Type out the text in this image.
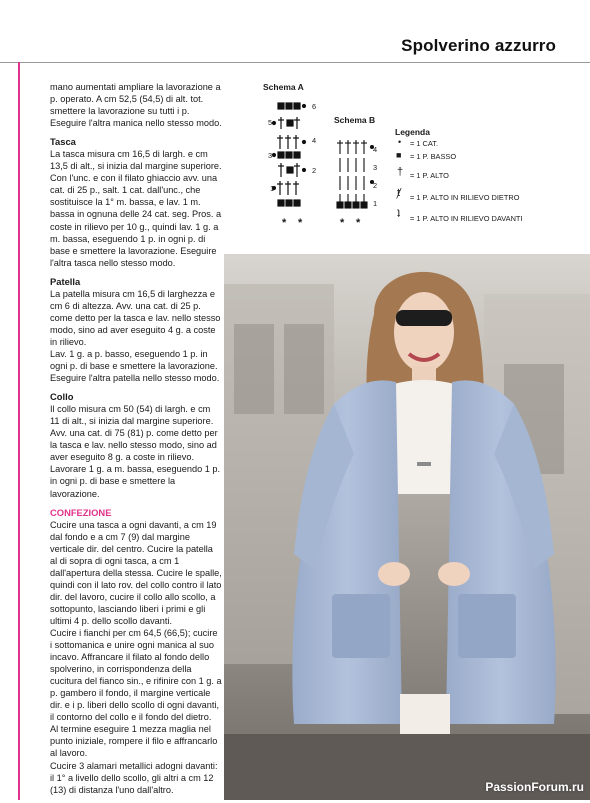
Spolverino azzurro

mano aumentati ampliare la lavorazione a p. operato. A cm 52,5 (54,5) di alt. tot. smettere la lavorazione su tutti i p. Eseguire l'altra manica nello stesso modo.

Tasca

La tasca misura cm 16,5 di largh. e cm 13,5 di alt., si inizia dal margine superiore. Con l'unc. e con il filato ghiaccio avv. una cat. di 25 p., salt. 1 cat. dall'unc., che sostituisce la 1° m. bassa, e lav. 1 m. bassa in ognuna delle 24 cat. seg. Pros. a coste in rilievo per 10 g., quindi lav. 1 g. a m. bassa, eseguendo 1 p. in ogni p. di base e smettere la lavorazione. Eseguire l'altra tasca nello stesso modo.

Patella

La patella misura cm 16,5 di larghezza e cm 6 di altezza. Avv. una cat. di 25 p. come detto per la tasca e lav. nello stesso modo, sino ad aver eseguito 4 g. a coste in rilievo.

Lav. 1 g. a p. basso, eseguendo 1 p. in ogni p. di base e smettere la lavorazione. Eseguire l'altra patella nello stesso modo.

Collo

Il collo misura cm 50 (54) di largh. e cm 11 di alt., si inizia dal margine superiore. Avv. una cat. di 75 (81) p. come detto per la tasca e lav. nello stesso modo, sino ad aver eseguito 8 g. a coste in rilievo.

Lavorare 1 g. a m. bassa, eseguendo 1 p. in ogni p. di base e smettere la lavorazione.

CONFEZIONE

Cucire una tasca a ogni davanti, a cm 19 dal fondo e a cm 7 (9) dal margine verticale dir. del centro. Cucire la patella al di sopra di ogni tasca, a cm 1 dall'apertura della stessa. Cucire le spalle, quindi con il lato rov. del collo contro il lato dir. del lavoro, cucire il collo allo scollo, a sottopunto, lasciando liberi i primi e gli ultimi 4 p. dello scollo davanti.

Cucire i fianchi per cm 64,5 (66,5); cucire i sottomanica e unire ogni manica al suo incavo. Affrancare il filato al fondo dello spolverino, in corrispondenza della cucitura del fianco sin., e rifinire con 1 g. a p. gambero il fondo, il margine verticale dir. e i p. liberi dello scollo di ogni davanti, il contorno del collo e il fondo del dietro.

Al termine eseguire 1 mezza maglia nel punto iniziale, rompere il filo e affrancarlo al lavoro.

Cucire 3 alamari metallici adogni davanti: il 1° a livello dello scollo, gli altri a cm 12 (13) di distanza l'uno dall'altro.

Schema A
Schema B
Legenda
6
5
4
3
2
1
* *
4
3
2
1
* *
• = 1 CAT.
■ = 1 P. BASSO
† = 1 P. ALTO
ⱦ = 1 P. ALTO IN RILIEVO DIETRO
ʇ = 1 P. ALTO IN RILIEVO DAVANTI
PassionForum.ru
